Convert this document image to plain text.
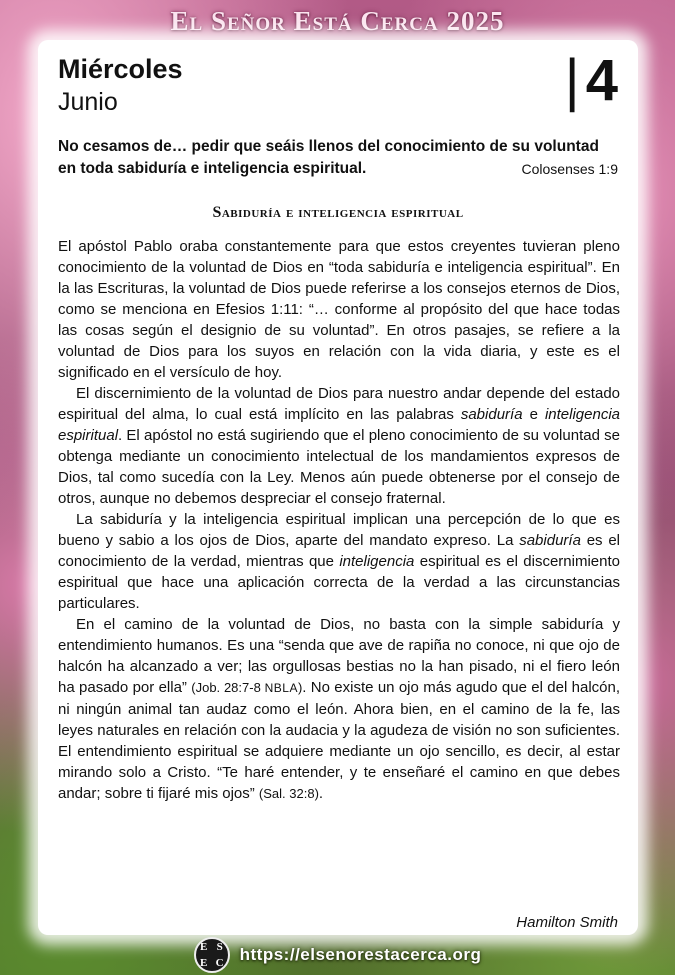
El Señor Está Cerca 2025
Miércoles
Junio	| 4
No cesamos de… pedir que seáis llenos del conocimiento de su voluntad en toda sabiduría e inteligencia espiritual.	Colosenses 1:9
Sabiduría e inteligencia espiritual

El apóstol Pablo oraba constantemente para que estos creyentes tuvieran pleno conocimiento de la voluntad de Dios en “toda sabiduría e inteligencia espiritual”. En la las Escrituras, la voluntad de Dios puede referirse a los consejos eternos de Dios, como se menciona en Efesios 1:11: “… conforme al propósito del que hace todas las cosas según el designio de su voluntad”. En otros pasajes, se refiere a la voluntad de Dios para los suyos en relación con la vida diaria, y este es el significado en el versículo de hoy.

El discernimiento de la voluntad de Dios para nuestro andar depende del estado espiritual del alma, lo cual está implícito en las palabras sabiduría e inteligencia espiritual. El apóstol no está sugiriendo que el pleno conocimiento de su voluntad se obtenga mediante un conocimiento intelectual de los mandamientos expresos de Dios, tal como sucedía con la Ley. Menos aún puede obtenerse por el consejo de otros, aunque no debemos despreciar el consejo fraternal.

La sabiduría y la inteligencia espiritual implican una percepción de lo que es bueno y sabio a los ojos de Dios, aparte del mandato expreso. La sabiduría es el conocimiento de la verdad, mientras que inteligencia espiritual es el discernimiento espiritual que hace una aplicación correcta de la verdad a las circunstancias particulares.

En el camino de la voluntad de Dios, no basta con la simple sabiduría y entendimiento humanos. Es una “senda que ave de rapiña no conoce, ni que ojo de halcón ha alcanzado a ver; las orgullosas bestias no la han pisado, ni el fiero león ha pasado por ella” (Job. 28:7-8 NBLA). No existe un ojo más agudo que el del halcón, ni ningún animal tan audaz como el león. Ahora bien, en el camino de la fe, las leyes naturales en relación con la audacia y la agudeza de visión no son suficientes. El entendimiento espiritual se adquiere mediante un ojo sencillo, es decir, al estar mirando solo a Cristo. “Te haré entender, y te enseñaré el camino en que debes andar; sobre ti fijaré mis ojos” (Sal. 32:8).

Hamilton Smith
E S
E C https://elsenorestacerca.org
